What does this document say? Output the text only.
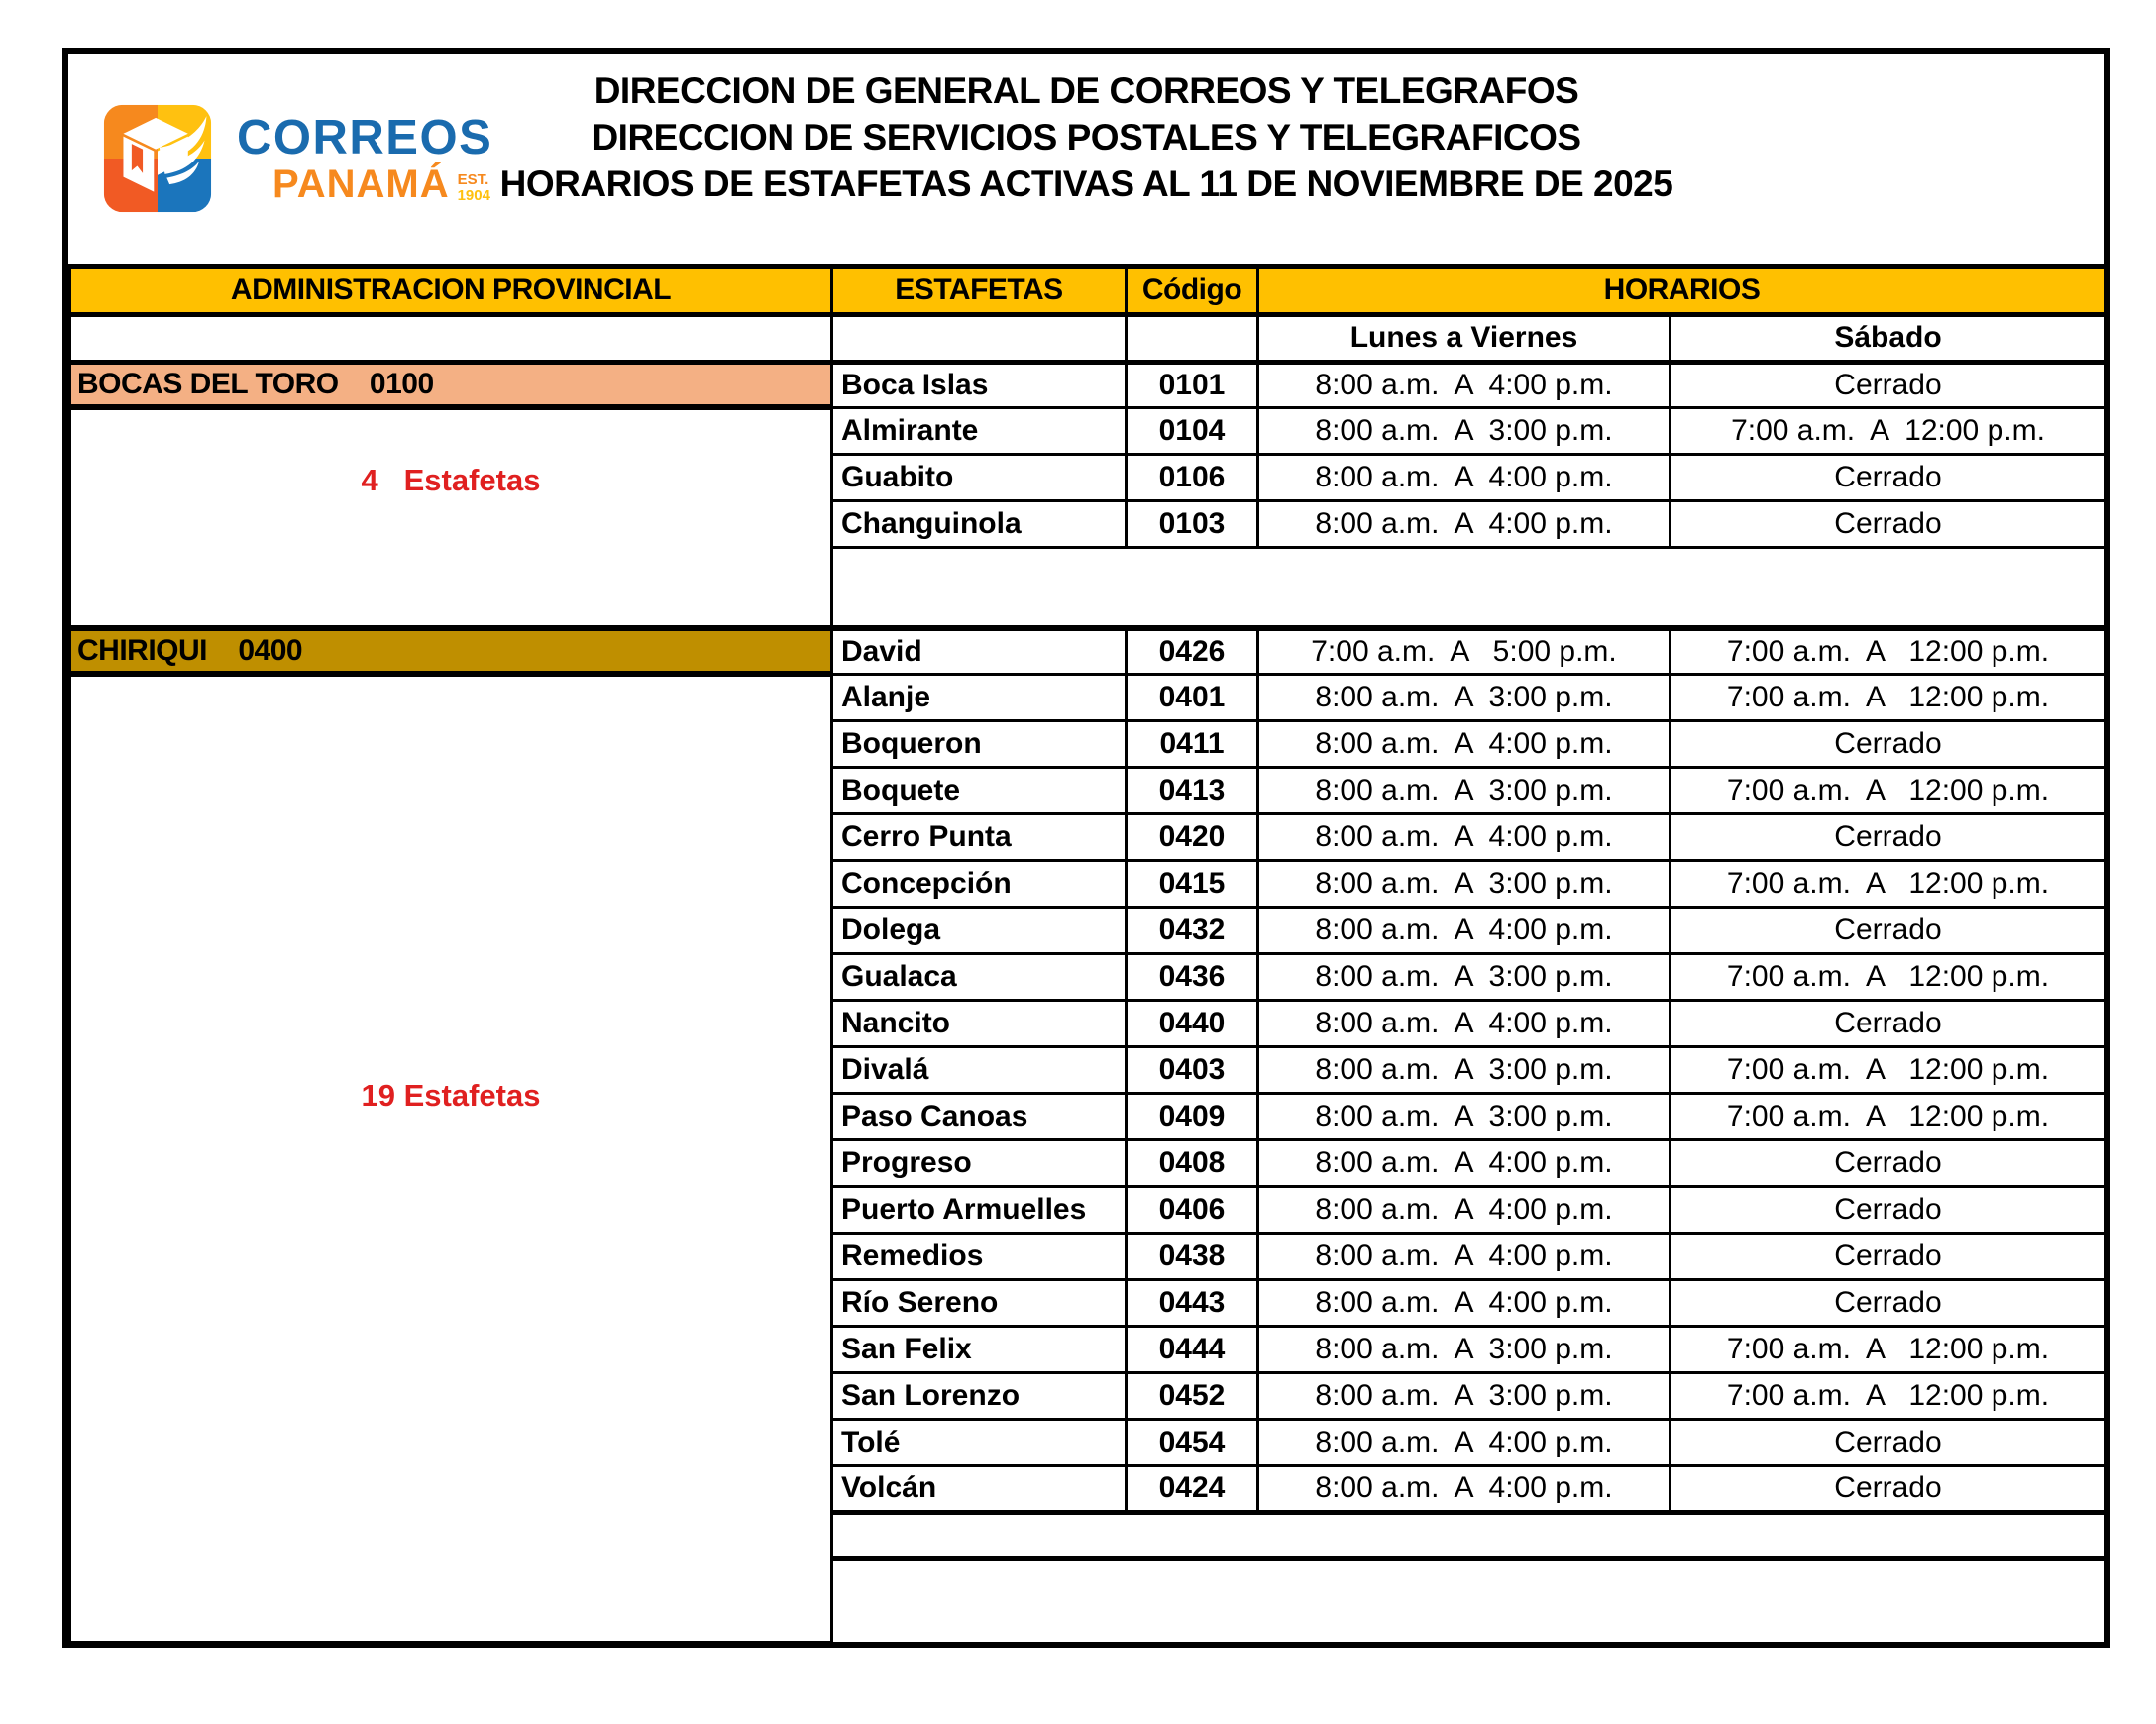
CORREOS
PANAMÁ EST.
1904
DIRECCION DE GENERAL DE CORREOS Y TELEGRAFOS
DIRECCION DE SERVICIOS POSTALES Y TELEGRAFICOS
HORARIOS DE ESTAFETAS ACTIVAS AL 11 DE NOVIEMBRE DE 2025
ADMINISTRACION PROVINCIAL	ESTAFETAS	Código	HORARIOS	
			Lunes a Viernes	Sábado
BOCAS DEL TORO    0100	Boca Islas	0101	8:00 a.m.  A  4:00 p.m.	Cerrado

4   Estafetas	Almirante	0104	8:00 a.m.  A  3:00 p.m.	7:00 a.m.  A  12:00 p.m.
	Guabito	0106	8:00 a.m.  A  4:00 p.m.	Cerrado
	Changuinola	0103	8:00 a.m.  A  4:00 p.m.	Cerrado

CHIRIQUI    0400	David	0426	7:00 a.m.  A   5:00 p.m.	7:00 a.m.  A   12:00 p.m.

19 Estafetas	Alanje	0401	8:00 a.m.  A  3:00 p.m.	7:00 a.m.  A   12:00 p.m.
	Boqueron	0411	8:00 a.m.  A  4:00 p.m.	Cerrado
	Boquete	0413	8:00 a.m.  A  3:00 p.m.	7:00 a.m.  A   12:00 p.m.
	Cerro Punta	0420	8:00 a.m.  A  4:00 p.m.	Cerrado
	Concepción	0415	8:00 a.m.  A  3:00 p.m.	7:00 a.m.  A   12:00 p.m.
	Dolega	0432	8:00 a.m.  A  4:00 p.m.	Cerrado
	Gualaca	0436	8:00 a.m.  A  3:00 p.m.	7:00 a.m.  A   12:00 p.m.
	Nancito	0440	8:00 a.m.  A  4:00 p.m.	Cerrado
	Divalá	0403	8:00 a.m.  A  3:00 p.m.	7:00 a.m.  A   12:00 p.m.
	Paso Canoas	0409	8:00 a.m.  A  3:00 p.m.	7:00 a.m.  A   12:00 p.m.
	Progreso	0408	8:00 a.m.  A  4:00 p.m.	Cerrado
	Puerto Armuelles	0406	8:00 a.m.  A  4:00 p.m.	Cerrado
	Remedios	0438	8:00 a.m.  A  4:00 p.m.	Cerrado
	Río Sereno	0443	8:00 a.m.  A  4:00 p.m.	Cerrado
	San Felix	0444	8:00 a.m.  A  3:00 p.m.	7:00 a.m.  A   12:00 p.m.
	San Lorenzo	0452	8:00 a.m.  A  3:00 p.m.	7:00 a.m.  A   12:00 p.m.
	Tolé	0454	8:00 a.m.  A  4:00 p.m.	Cerrado
	Volcán	0424	8:00 a.m.  A  4:00 p.m.	Cerrado
